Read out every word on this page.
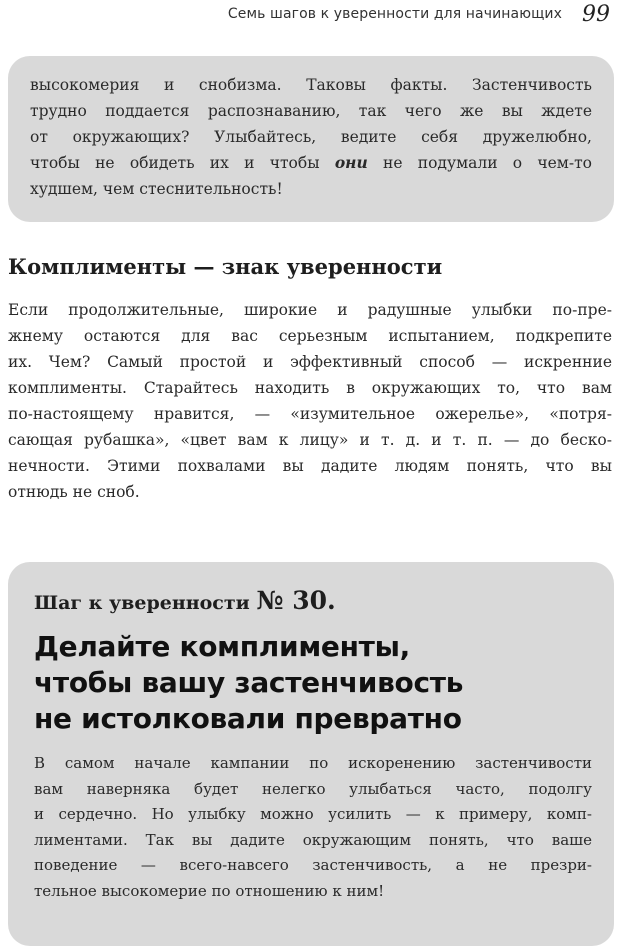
Семь шагов к уверенности для начинающих 99

высокомерия и снобизма. Таковы факты. Застенчивость
трудно поддается распознаванию, так чего же вы ждете
от окружающих? Улыбайтесь, ведите себя дружелюбно,
чтобы не обидеть их и чтобы они не подумали о чем-то
худшем, чем стеснительность!

Комплименты — знак уверенности

Если продолжительные, широкие и радушные улыбки по-пре-
жнему остаются для вас серьезным испытанием, подкрепите
их. Чем? Самый простой и эффективный способ — искренние
комплименты. Старайтесь находить в окружающих то, что вам
по-настоящему нравится, — «изумительное ожерелье», «потря-
сающая рубашка», «цвет вам к лицу» и т. д. и т. п. — до беско-
нечности. Этими похвалами вы дадите людям понять, что вы
отнюдь не сноб.

Шаг к уверенности № 30.

Делайте комплименты,
чтобы вашу застенчивость
не истолковали превратно

В самом начале кампании по искоренению застенчивости
вам наверняка будет нелегко улыбаться часто, подолгу
и сердечно. Но улыбку можно усилить — к примеру, комп-
лиментами. Так вы дадите окружающим понять, что ваше
поведение — всего-навсего застенчивость, а не презри-
тельное высокомерие по отношению к ним!
